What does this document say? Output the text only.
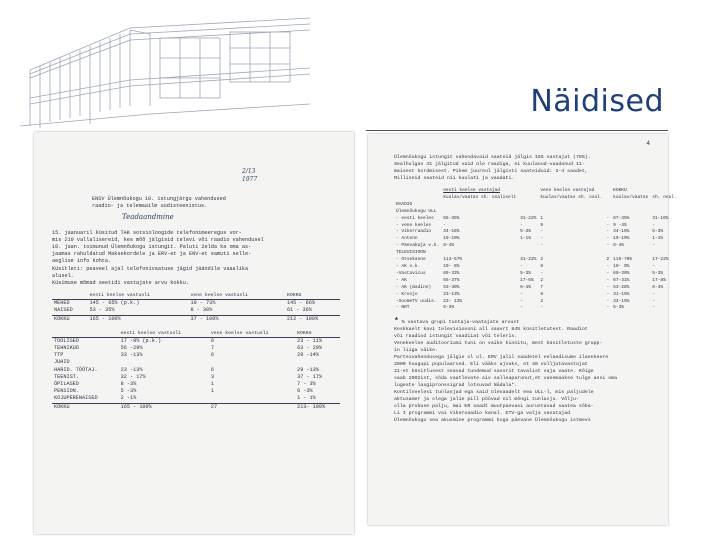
Näidised
2/13
1977
ENSV Ülemnõukogu 10. istungjärgu vahendused
raadio- ja telemaailm uudisteenistus.
Teadaandmine
15. jaanuaril küsitud TAK sotsioloogide telefonimeeregus vor-
mis 210 vallalisereid, kes mõõ jälgisid televi või raadio vahendusel
10. jaan. toimunud Ülemnõukogu istungit. Paluti 2elda ka oma as-
jaamas rahuldatud Maksekordele ja ERV-et ja ENV-et samuti selle-
aeglise info kohta.
Küsitleti: peaveel ajal telefonivaatuse jägid jäändile vaaalika
alusel.
Küsimuse mõmad seetidi vastajate arvu kokku.
	eesti keelse vastusli	vene keelse vastusli	KOKKU
MEHED	145 - 65% (p.k.)	19 - 73%	145 - 66%
NAISED	53 - 35%	8 - 30%	61 - 36%
KOKKU	165 - 100%	37 - 100%	212 - 100%
	eesti keelse vastusli	vene keelse vastusli	KOKKU
TÖÖLISED	17 -9% (p.k.)	6	23 - 11%
TEHNIKUD	56 -29%	7	63 - 29%
TTP	33 -13%	6	29 -14%
JUHID			
HARID. TÖÖTAJ.	23 -13%	6	29 -13%
TEENIST.	32 - 17%	3	37 - 17%
ÕPILASED	8 -3%	1	7 - 3%
PENSION.	5 -3%	1	6 -3%
KOJUPERENAISED	2 -1%		1 - 1%
KOKKU	165 - 100%	27	213- 100%
4
Ülemnõukogu istungit vahendavaid saateid jälgis 165 vastajat (78%).
Sealhulgas 41 jälgitud vaid üle raadiga, ei kuulanud-vaadanud 11-
maisest kordmisest. Pikem juureul jälgisti saateiduid: 3-4 saadet,
Milliseid saateid nii kuulati ja vaadati.
	eesti keelse vastajad		vene keelse vastajad		KOKKU	
	kuulas/vaatas sh. osaliselt		kuulas/vaatas sh. osal.		kuulas/vaatas	sh. osal.
RAADIO						
Ülemnõukogu ULL						
- eesti keeles	65-35%	31-22%	1	-	67-35%	31-16%
- vene keeles	-	-	9	-	9 -4%	-
- Vikerraadio	34-16%	5-3%	-	-	34-16%	5-3%
- Antenn	19-10%	1-1%	-	-	19-10%	1-1%
- Päevakaja v.k.	8-4%		-	-	8-4%	-
TELEVISIOON						
- Otsekanne	113-57%	31-22%	2	2	115-70%	17-22%
- AK v.k.	10- 6%	-	8	-	19- 9%	-
-Vastavicus	60-33%	5-3%	-	-	60-30%	5-3%
- AK	65-37%	17-6%	2	-	67-31%	17-8%
- AK (madine)	53-30%	6-4%	7	-	53-28%	6-4%
- Kroojo	23-13%	-	8	-	31-15%	-
-SoomeTV uudis.	23- 13%	-	2	-	33-15%	-
- NRT	5-3%	-	-	-	5-3%	-
* % vastava grupi tuntaja-vaatajate arvust
Keskkaelt kavi televisioooni all saavrt 84% küsitletutest. Raadiot
või raadiod istungit vaadiiat või teleris.
Venekeelne auditooriumi tuni on vaike kinnitu, mest küsitletuste grupp-
in liiga väike.
Parteivahendusega jälgis ol ul. ERV jalil saadetel eelaedisume ilaenkeere
2000 huugupi populaarsed. Eli vääks ajvaks, et 40 vulljutavastajat
21-et küsitlusest seavad tundemud sassrit tavalist saja vaate. Kõige
saab 2002ist, sõda vaatlevate aiv salleaparunut,et vanemaakse tulge ansi oma
lugeste lasgipronssigrad lotsuvad Nädala*.
Kontilovelesi tunlasjad ega said ülevaadelt eea ULL-l, mis paljudele
aktusamer ja olega jalie pill pöövad nil mõngi tunlasju. Võlju-
olla probuse palju, mai ER saadt muutpaevasi aurustavad saatea sõba-
Li I programmi vai Vikeroaadio kanal. ETV-ga valja vasatajad
Ülemnõukogu sea akusmine programmi kogu päevane Ülemnõukogu istmevs
